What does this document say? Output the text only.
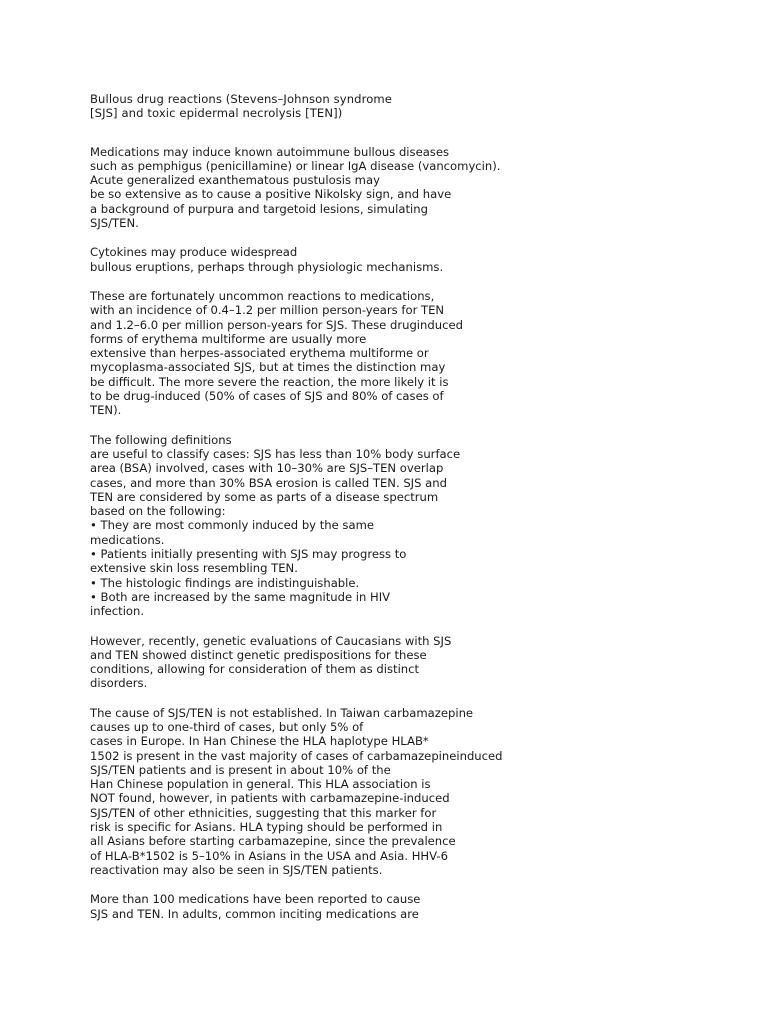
Bullous drug reactions (Stevens–Johnson syndrome
[SJS] and toxic epidermal necrolysis [TEN])
Medications may induce known autoimmune bullous diseases
such as pemphigus (penicillamine) or linear IgA disease (vancomycin).
Acute generalized exanthematous pustulosis may
be so extensive as to cause a positive Nikolsky sign, and have
a background of purpura and targetoid lesions, simulating
SJS/TEN.
Cytokines may produce widespread
bullous eruptions, perhaps through physiologic mechanisms.
These are fortunately uncommon reactions to medications,
with an incidence of 0.4–1.2 per million person-years for TEN
and 1.2–6.0 per million person-years for SJS. These druginduced
forms of erythema multiforme are usually more
extensive than herpes-associated erythema multiforme or
mycoplasma-associated SJS, but at times the distinction may
be difficult. The more severe the reaction, the more likely it is
to be drug-induced (50% of cases of SJS and 80% of cases of
TEN).
The following definitions
are useful to classify cases: SJS has less than 10% body surface
area (BSA) involved, cases with 10–30% are SJS–TEN overlap
cases, and more than 30% BSA erosion is called TEN. SJS and
TEN are considered by some as parts of a disease spectrum
based on the following:
• They are most commonly induced by the same
medications.
• Patients initially presenting with SJS may progress to
extensive skin loss resembling TEN.
• The histologic findings are indistinguishable.
• Both are increased by the same magnitude in HIV
infection.
However, recently, genetic evaluations of Caucasians with SJS
and TEN showed distinct genetic predispositions for these
conditions, allowing for consideration of them as distinct
disorders.
The cause of SJS/TEN is not established. In Taiwan carbamazepine
causes up to one-third of cases, but only 5% of
cases in Europe. In Han Chinese the HLA haplotype HLAB*
1502 is present in the vast majority of cases of carbamazepineinduced
SJS/TEN patients and is present in about 10% of the
Han Chinese population in general. This HLA association is
NOT found, however, in patients with carbamazepine-induced
SJS/TEN of other ethnicities, suggesting that this marker for
risk is specific for Asians. HLA typing should be performed in
all Asians before starting carbamazepine, since the prevalence
of HLA-B*1502 is 5–10% in Asians in the USA and Asia. HHV-6
reactivation may also be seen in SJS/TEN patients.
More than 100 medications have been reported to cause
SJS and TEN. In adults, common inciting medications are
